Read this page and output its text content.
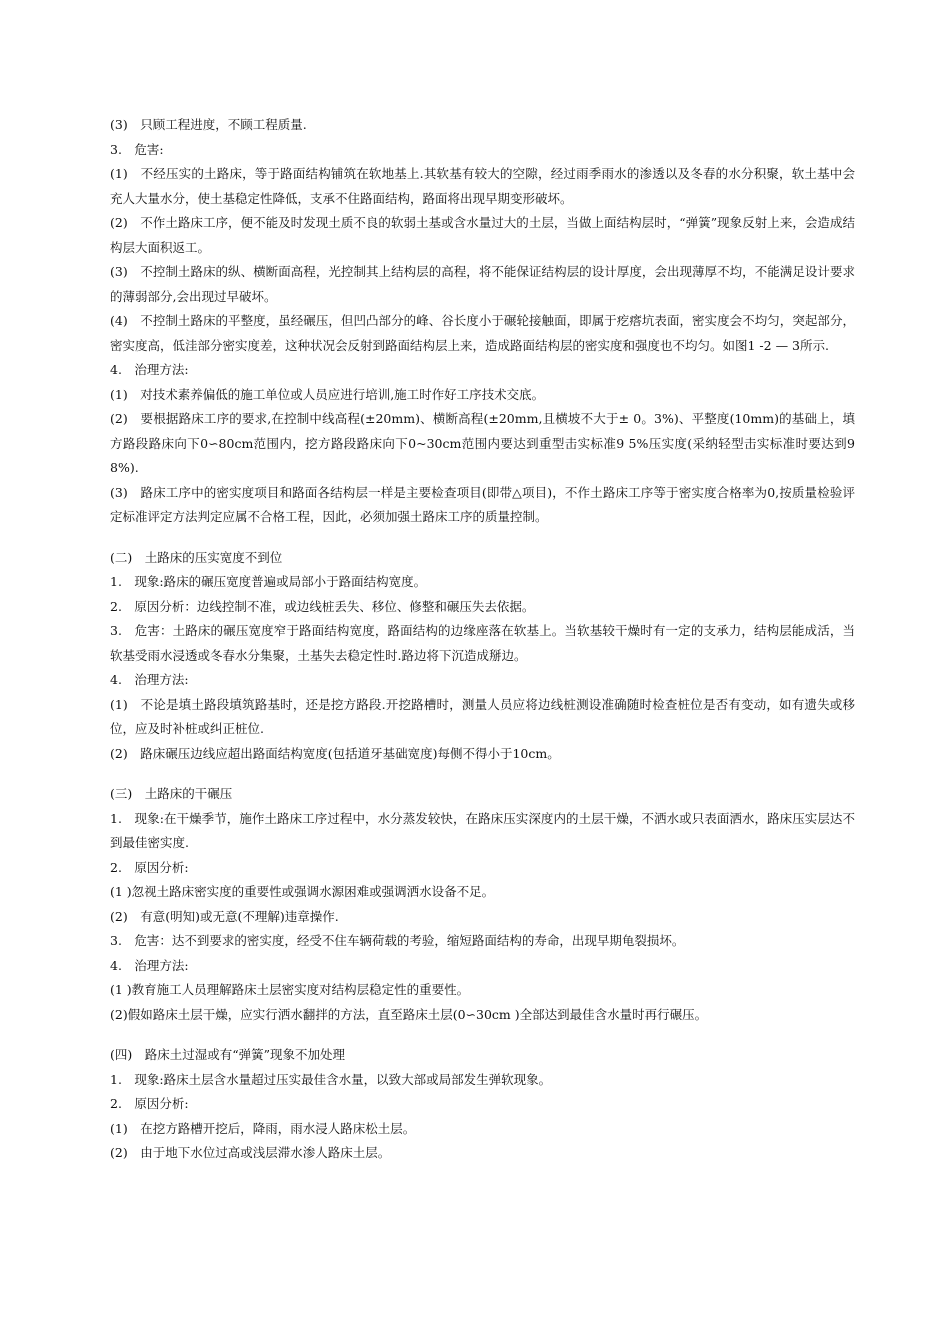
(3)　只顾工程进度，不顾工程质量.

3.　危害:

(1)　不经压实的土路床，等于路面结构铺筑在软地基上.其软基有较大的空隙，经过雨季雨水的渗透以及冬春的水分积聚，软土基中会充人大量水分，使土基稳定性降低，支承不住路面结构，路面将出现早期变形破坏。

(2)　不作土路床工序，便不能及时发现土质不良的软弱土基或含水量过大的土层，当做上面结构层时，“弹簧”现象反射上来，会造成结构层大面积返工。

(3)　不控制土路床的纵、横断面高程，光控制其上结构层的高程，将不能保证结构层的设计厚度，会出现薄厚不均，不能满足设计要求的薄弱部分,会出现过早破坏。

(4)　不控制土路床的平整度，虽经碾压，但凹凸部分的峰、谷长度小于碾轮接触面，即属于疙瘩坑表面，密实度会不均匀，突起部分，密实度高，低洼部分密实度差，这种状况会反射到路面结构层上来，造成路面结构层的密实度和强度也不均匀。如图1 -2 — 3所示.

4.　治理方法:

(1)　对技术素养偏低的施工单位或人员应进行培训,施工时作好工序技术交底。

(2)　要根据路床工序的要求,在控制中线高程(±20mm)、横断高程(±20mm,且横坡不大于± 0。3%)、平整度(10mm)的基础上，填方路段路床向下0∽80cm范围内，挖方路段路床向下0~30cm范围内要达到重型击实标准9 5%压实度(采纳轻型击实标准时要达到98%).

(3)　路床工序中的密实度项目和路面各结构层一样是主要检查项目(即带△项目)，不作土路床工序等于密实度合格率为0,按质量检验评定标准评定方法判定应属不合格工程，因此，必须加强土路床工序的质量控制。

(二)　土路床的压实宽度不到位

1.　现象:路床的碾压宽度普遍或局部小于路面结构宽度。

2.　原因分析：边线控制不准，或边线桩丢失、移位、修整和碾压失去依据。

3.　危害：土路床的碾压宽度窄于路面结构宽度，路面结构的边缘座落在软基上。当软基较干燥时有一定的支承力，结构层能成活，当软基受雨水浸透或冬春水分集聚，土基失去稳定性时.路边将下沉造成掰边。

4.　治理方法:

(1)　不论是填土路段填筑路基时，还是挖方路段.开挖路槽时，测量人员应将边线桩测设准确随时检查桩位是否有变动，如有遗失或移位，应及时补桩或纠正桩位.

(2)　路床碾压边线应超出路面结构宽度(包括道牙基础宽度)每侧不得小于10cm。

(三)　土路床的干碾压

1.　现象:在干燥季节，施作土路床工序过程中，水分蒸发较快，在路床压实深度内的土层干燥，不洒水或只表面洒水，路床压实层达不到最佳密实度.

2.　原因分析:

(1 )忽视土路床密实度的重要性或强调水源困难或强调洒水设备不足。

(2)　有意(明知)或无意(不理解)违章操作.

3.　危害：达不到要求的密实度，经受不住车辆荷载的考验，缩短路面结构的寿命，出现早期龟裂损坏。

4.　治理方法:

(1 )教育施工人员理解路床土层密实度对结构层稳定性的重要性。

(2)假如路床土层干燥，应实行洒水翻拌的方法，直至路床土层(0∽30cm )全部达到最佳含水量时再行碾压。

(四)　路床土过湿或有“弹簧”现象不加处理

1.　现象:路床土层含水量超过压实最佳含水量，以致大部或局部发生弹软现象。

2.　原因分析:

(1)　在挖方路槽开挖后，降雨，雨水浸人路床松土层。

(2)　由于地下水位过高或浅层滞水渗人路床土层。
